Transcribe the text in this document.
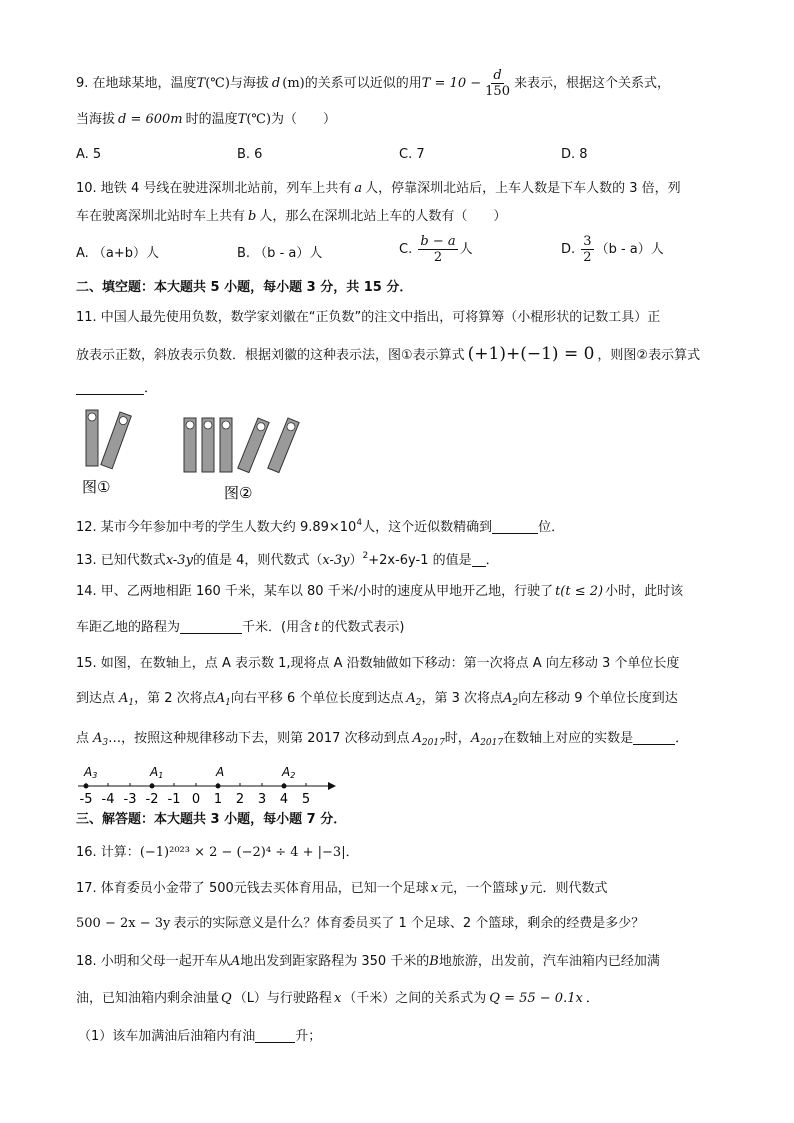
9. 在地球某地，温度T(℃)与海拔 d (m)的关系可以近似的用$T = 10 - \frac{d}{150}$ 来表示，根据这个关系式，
当海拔 d = 600m 时的温度T(℃)为（　　）
A. 5	B. 6	C. 7	D. 8
10. 地铁 4 号线在驶进深圳北站前，列车上共有 a 人，停靠深圳北站后，上车人数是下车人数的 3 倍，列
车在驶离深圳北站时车上共有 b 人，那么在深圳北站上车的人数有（　　）
A. （a+b）人	B. （b - a）人	C. $\frac{b - a}{2}$ 人	D. $\frac{3}{2} (b - a)$人
二、填空题：本大题共 5 小题，每小题 3 分，共 15 分．
11. 中国人最先使用负数，数学家刘徽在“正负数”的注文中指出，可将算筹（小棍形状的记数工具）正
放表示正数，斜放表示负数．根据刘徽的这种表示法，图①表示算式 (+1)+(−1) = 0 ，则图②表示算式
．
图①	图②
12. 某市今年参加中考的学生人数大约 $9.89\times 10^4$人，这个近似数精确到	位．
13. 已知代数式x-3y的值是 4，则代数式$(x-3y)^2+2x-6y-1$ 的值是 ．
14. 甲、乙两地相距 160 千米，某车以 80 千米/小时的速度从甲地开乙地，行驶了 t(t ≤ 2) 小时，此时该
车距乙地的路程为	千米．(用含 t 的代数式表示)
15. 如图，在数轴上，点 A 表示数 1,现将点 A 沿数轴做如下移动：第一次将点 A 向左移动 3 个单位长度
到达点 $A_1$，第 2 次将点$A_1$向右平移 6 个单位长度到达点 $A_2$，第 3 次将点$A_2$向左移动 9 个单位长度到达
点 $A_3\dots$，按照这种规律移动下去，则第 2017 次移动到点 $A_{2017}$时，$A_{2017}$在数轴上对应的实数是	．
-5 -4 -3 -2 -1 0 1 2 3 4 5
A3	A1	A	A2
三、解答题：本大题共 3 小题，每小题 7 分．
16. 计算：(−1)²⁰²³ × 2 − (−2)⁴ ÷ 4 + |−3|．
17. 体育委员小金带了 500元钱去买体育用品，已知一个足球 x 元，一个篮球 y 元．则代数式
500 − 2x − 3y 表示的实际意义是什么？体育委员买了 1 个足球、2 个篮球，剩余的经费是多少？
18. 小明和父母一起开车从A地出发到距家路程为 350 千米的B地旅游，出发前，汽车油箱内已经加满
油，已知油箱内剩余油量 Q （L）与行驶路程 x （千米）之间的关系式为 Q = 55 − 0.1x ．
（1）该车加满油后油箱内有油	升；
